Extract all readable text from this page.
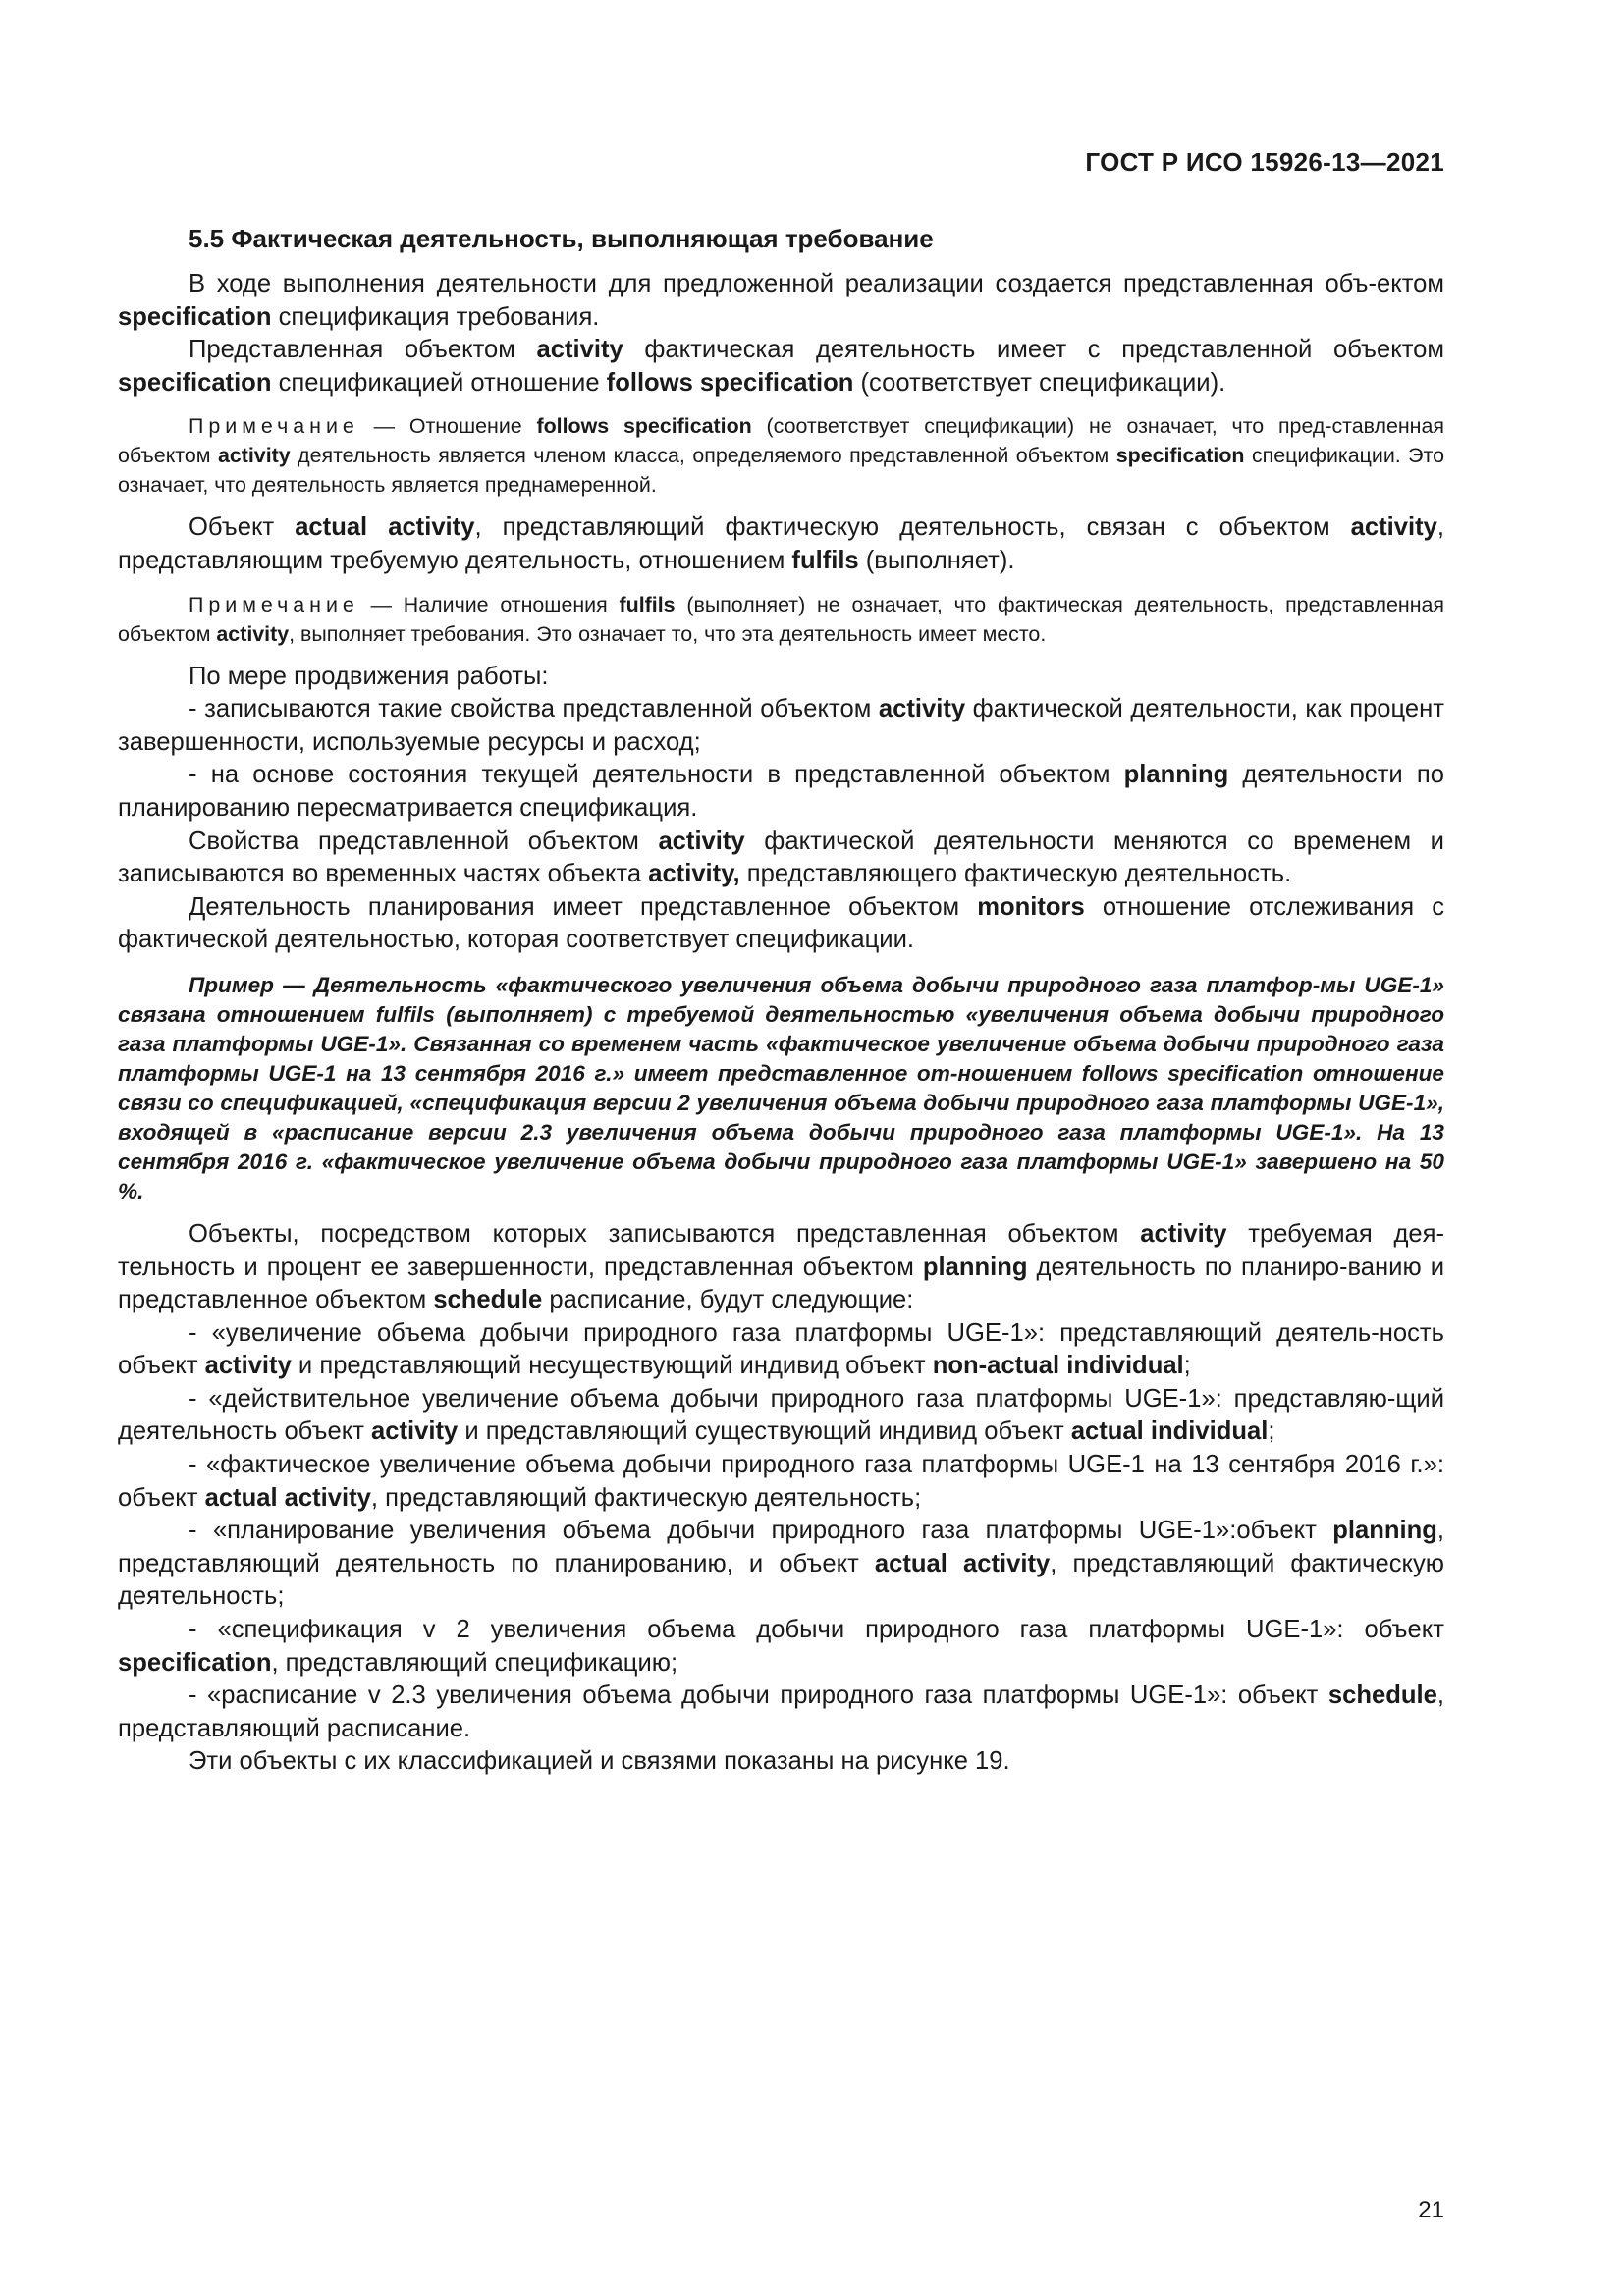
ГОСТ Р ИСО 15926-13—2021
5.5 Фактическая деятельность, выполняющая требование

В ходе выполнения деятельности для предложенной реализации создается представленная объ-ектом specification спецификация требования.

Представленная объектом activity фактическая деятельность имеет с представленной объектом specification спецификацией отношение follows specification (соответствует спецификации).

Примечание — Отношение follows specification (соответствует спецификации) не означает, что пред-ставленная объектом activity деятельность является членом класса, определяемого представленной объектом specification спецификации. Это означает, что деятельность является преднамеренной.

Объект actual activity, представляющий фактическую деятельность, связан с объектом activity, представляющим требуемую деятельность, отношением fulfils (выполняет).

Примечание — Наличие отношения fulfils (выполняет) не означает, что фактическая деятельность, представленная объектом activity, выполняет требования. Это означает то, что эта деятельность имеет место.

По мере продвижения работы:

- записываются такие свойства представленной объектом activity фактической деятельности, как процент завершенности, используемые ресурсы и расход;

- на основе состояния текущей деятельности в представленной объектом planning деятельности по планированию пересматривается спецификация.

Свойства представленной объектом activity фактической деятельности меняются со временем и записываются во временных частях объекта activity, представляющего фактическую деятельность.

Деятельность планирования имеет представленное объектом monitors отношение отслеживания с фактической деятельностью, которая соответствует спецификации.

Пример — Деятельность «фактического увеличения объема добычи природного газа платфор-мы UGE-1» связана отношением fulfils (выполняет) с требуемой деятельностью «увеличения объема добычи природного газа платформы UGE-1». Связанная со временем часть «фактическое увеличение объема добычи природного газа платформы UGE-1 на 13 сентября 2016 г.» имеет представленное от-ношением follows specification отношение связи со спецификацией, «спецификация версии 2 увеличения объема добычи природного газа платформы UGE-1», входящей в «расписание версии 2.3 увеличения объема добычи природного газа платформы UGE-1». На 13 сентября 2016 г. «фактическое увеличение объема добычи природного газа платформы UGE-1» завершено на 50 %.

Объекты, посредством которых записываются представленная объектом activity требуемая дея-тельность и процент ее завершенности, представленная объектом planning деятельность по планиро-ванию и представленное объектом schedule расписание, будут следующие:

- «увеличение объема добычи природного газа платформы UGE-1»: представляющий деятель-ность объект activity и представляющий несуществующий индивид объект non-actual individual;

- «действительное увеличение объема добычи природного газа платформы UGE-1»: представляю-щий деятельность объект activity и представляющий существующий индивид объект actual individual;

- «фактическое увеличение объема добычи природного газа платформы UGE-1 на 13 сентября 2016 г.»: объект actual activity, представляющий фактическую деятельность;

- «планирование увеличения объема добычи природного газа платформы UGE-1»:объект planning, представляющий деятельность по планированию, и объект actual activity, представляющий фактическую деятельность;

- «спецификация v 2 увеличения объема добычи природного газа платформы UGE-1»: объект specification, представляющий спецификацию;

- «расписание v 2.3 увеличения объема добычи природного газа платформы UGE-1»: объект schedule, представляющий расписание.

Эти объекты с их классификацией и связями показаны на рисунке 19.

21
